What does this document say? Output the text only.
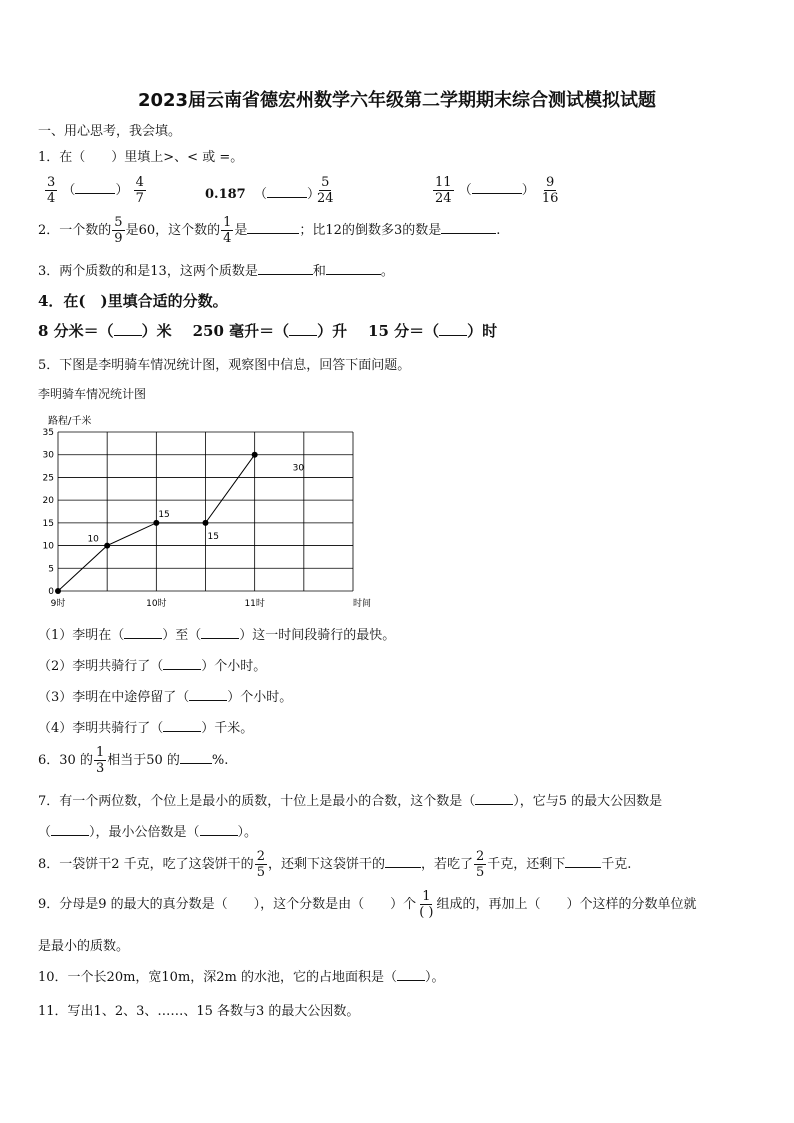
2023届云南省德宏州数学六年级第二学期期末综合测试模拟试题
一、用心思考，我会填。
1．在（　　）里填上>、< 或 =。
$\frac{3}{4}$ （	） $\frac{4}{7}$	0.187 （	）
$\frac{5}{24}$	$\frac{11}{24}$ （	） $\frac{9}{16}$
2．一个数的 $\frac{5}{9}$ 是60，这个数的 $\frac{1}{4}$ 是	；比12的倒数多3的数是	.
3．两个质数的和是13，这两个质数是	和	。
4．在(　)里填合适的分数。
8 分米＝（ ）米 250 毫升＝（ ）升 15 分＝（ ）时
5．下图是李明骑车情况统计图，观察图中信息，回答下面问题。
李明骑车情况统计图
0
5
10
15
20
25
30
35
9时	10时	11时
10
15
15
30
路程/千米
时间
（1）李明在（	）至（	）这一时间段骑行的最快。
（2）李明共骑行了（	）个小时。
（3）李明在中途停留了（	）个小时。
（4）李明共骑行了（	）千米。
6．30 的 $\frac{1}{3}$ 相当于50 的 %.
7．有一个两位数，个位上是最小的质数，十位上是最小的合数，这个数是（	），它与5 的最大公因数是
（	），最小公倍数是（	）。
8．一袋饼干2 千克，吃了这袋饼干的 $\frac{2}{5}$ ，还剩下这袋饼干的	，若吃了 $\frac{2}{5}$ 千克，还剩下	千克.
9．分母是9 的最大的真分数是（　　），这个分数是由（　　）个 $\frac{1}{( )}$ 组成的，再加上（　　）个这样的分数单位就
是最小的质数。
10．一个长20m，宽10m，深2m 的水池，它的占地面积是（ ）。
11．写出1、2、3、……、15 各数与3 的最大公因数。
